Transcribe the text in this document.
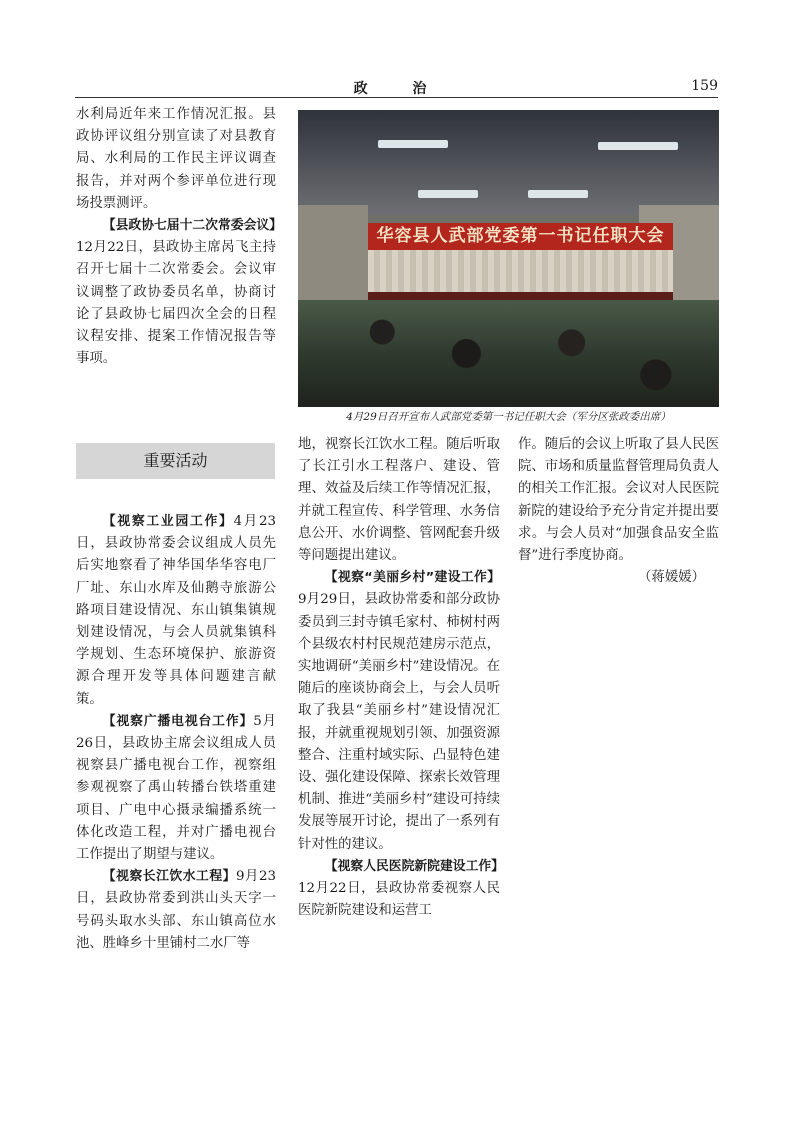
政 治	159

水利局近年来工作情况汇报。县政协评议组分别宣读了对县教育局、水利局的工作民主评议调查报告，并对两个参评单位进行现场投票测评。

【县政协七届十二次常委会议】12月22日，县政协主席呙飞主持召开七届十二次常委会。会议审议调整了政协委员名单，协商讨论了县政协七届四次全会的日程议程安排、提案工作情况报告等事项。

重要活动

【视察工业园工作】4月23日，县政协常委会议组成人员先后实地察看了神华国华华容电厂厂址、东山水库及仙鹅寺旅游公路项目建设情况、东山镇集镇规划建设情况，与会人员就集镇科学规划、生态环境保护、旅游资源合理开发等具体问题建言献策。

【视察广播电视台工作】5月26日，县政协主席会议组成人员视察县广播电视台工作，视察组参观视察了禹山转播台铁塔重建项目、广电中心摄录编播系统一体化改造工程，并对广播电视台工作提出了期望与建议。

【视察长江饮水工程】9月23日，县政协常委到洪山头天字一号码头取水头部、东山镇高位水池、胜峰乡十里铺村二水厂等

华容县人武部党委第一书记任职大会
4月29日召开宣布人武部党委第一书记任职大会（军分区张政委出席）

地，视察长江饮水工程。随后听取了长江引水工程落户、建设、管理、效益及后续工作等情况汇报，并就工程宣传、科学管理、水务信息公开、水价调整、管网配套升级等问题提出建议。

【视察“美丽乡村”建设工作】9月29日，县政协常委和部分政协委员到三封寺镇毛家村、柿树村两个县级农村村民规范建房示范点，实地调研“美丽乡村”建设情况。在随后的座谈协商会上，与会人员听取了我县“美丽乡村”建设情况汇报，并就重视规划引领、加强资源整合、注重村域实际、凸显特色建设、强化建设保障、探索长效管理机制、推进“美丽乡村”建设可持续发展等展开讨论，提出了一系列有针对性的建议。

【视察人民医院新院建设工作】12月22日，县政协常委视察人民医院新院建设和运营工

作。随后的会议上听取了县人民医院、市场和质量监督管理局负责人的相关工作汇报。会议对人民医院新院的建设给予充分肯定并提出要求。与会人员对“加强食品安全监督”进行季度协商。

（蒋媛媛）
